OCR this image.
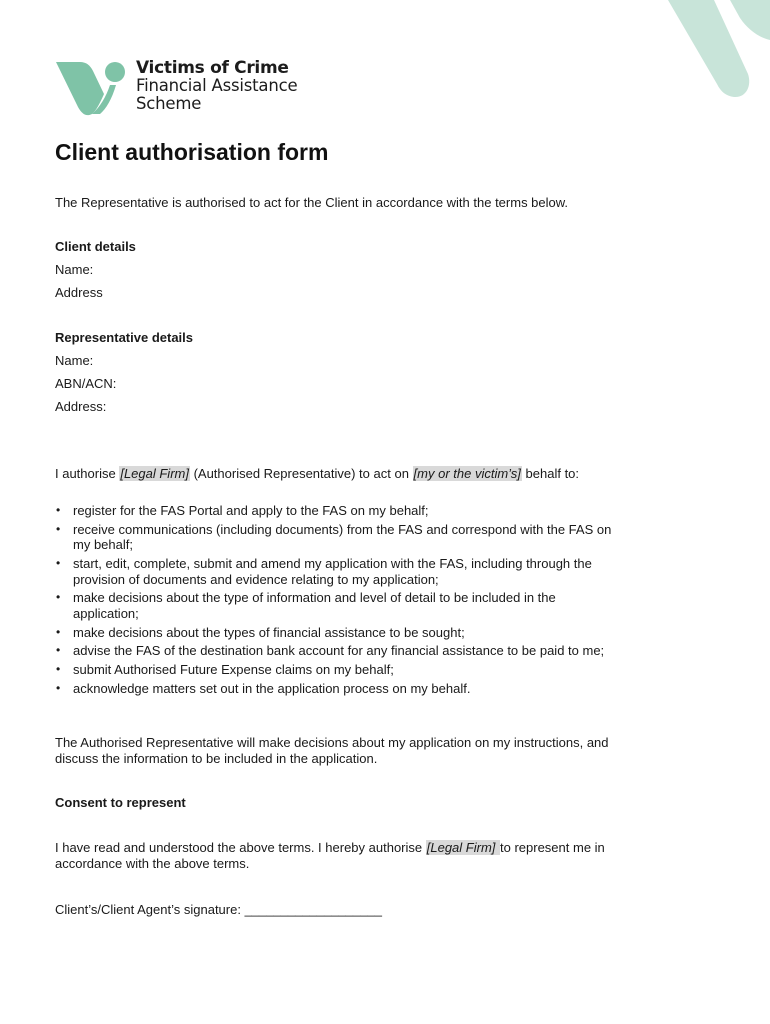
Victims of Crime
Financial Assistance
Scheme
Client authorisation form

The Representative is authorised to act for the Client in accordance with the terms below.

Client details

Name:

Address

Representative details

Name:

ABN/ACN:

Address:

I authorise [Legal Firm] (Authorised Representative) to act on [my or the victim’s] behalf to:

• register for the FAS Portal and apply to the FAS on my behalf;
• receive communications (including documents) from the FAS and correspond with the FAS on my behalf;
• start, edit, complete, submit and amend my application with the FAS, including through the provision of documents and evidence relating to my application;
• make decisions about the type of information and level of detail to be included in the application;
• make decisions about the types of financial assistance to be sought;
• advise the FAS of the destination bank account for any financial assistance to be paid to me;
• submit Authorised Future Expense claims on my behalf;
• acknowledge matters set out in the application process on my behalf.

The Authorised Representative will make decisions about my application on my instructions, and discuss the information to be included in the application.

Consent to represent

I have read and understood the above terms. I hereby authorise [Legal Firm] to represent me in accordance with the above terms.

Client’s/Client Agent’s signature: ___________________
